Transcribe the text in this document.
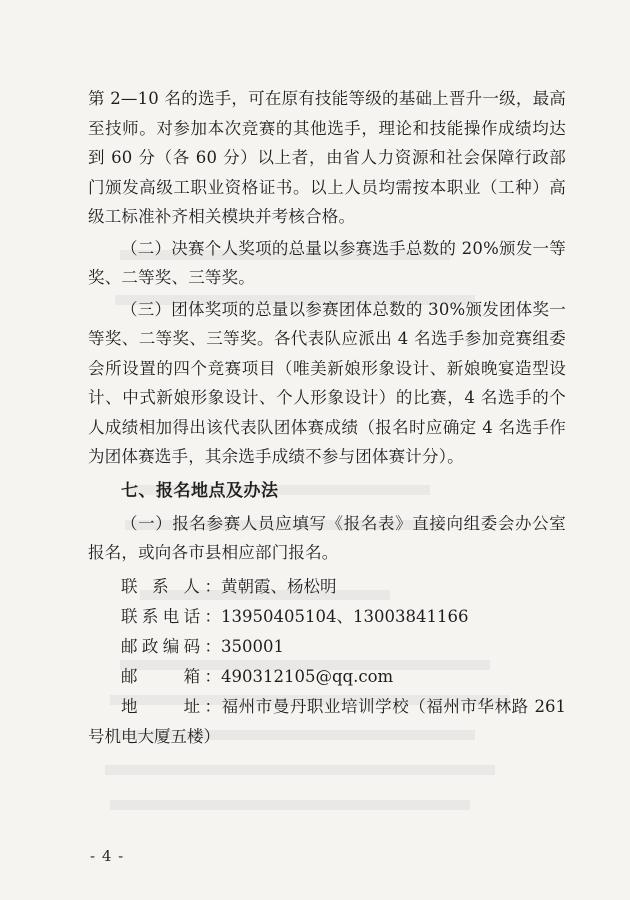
第 2—10 名的选手，可在原有技能等级的基础上晋升一级，最高至技师。对参加本次竞赛的其他选手，理论和技能操作成绩均达到 60 分（各 60 分）以上者，由省人力资源和社会保障行政部门颁发高级工职业资格证书。以上人员均需按本职业（工种）高级工标准补齐相关模块并考核合格。

（二）决赛个人奖项的总量以参赛选手总数的 20%颁发一等奖、二等奖、三等奖。

（三）团体奖项的总量以参赛团体总数的 30%颁发团体奖一等奖、二等奖、三等奖。各代表队应派出 4 名选手参加竞赛组委会所设置的四个竞赛项目（唯美新娘形象设计、新娘晚宴造型设计、中式新娘形象设计、个人形象设计）的比赛，4 名选手的个人成绩相加得出该代表队团体赛成绩（报名时应确定 4 名选手作为团体赛选手，其余选手成绩不参与团体赛计分）。

七、报名地点及办法

（一）报名参赛人员应填写《报名表》直接向组委会办公室报名，或向各市县相应部门报名。

联 系 人：黄朝霞、杨松明

联系电话：13950405104、13003841166

邮政编码：350001

邮　　箱：490312105@qq.com

地　　址：福州市曼丹职业培训学校（福州市华林路 261 号机电大厦五楼）

- 4 -
